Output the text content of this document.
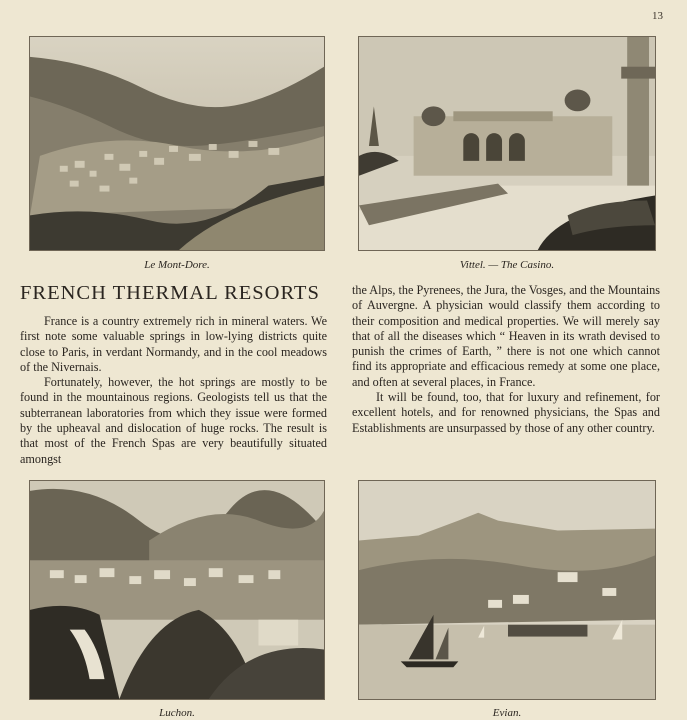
13
Le Mont-Dore.	Vittel. — The Casino.
FRENCH THERMAL RESORTS

France is a country extremely rich in mineral waters. We first note some valuable springs in low-lying districts quite close to Paris, in verdant Normandy, and in the cool meadows of the Nivernais.

Fortunately, however, the hot springs are mostly to be found in the mountainous regions. Geologists tell us that the subterranean laboratories from which they issue were formed by the upheaval and dislocation of huge rocks. The result is that most of the French Spas are very beautifully situated amongst

the Alps, the Pyrenees, the Jura, the Vosges, and the Mountains of Auvergne. A physician would classify them according to their composition and medical properties. We will merely say that of all the diseases which “ Heaven in its wrath devised to punish the crimes of Earth, ” there is not one which cannot find its appropriate and efficacious remedy at some one place, and often at several places, in France.

It will be found, too, that for luxury and refinement, for excellent hotels, and for renowned physicians, the Spas and Establishments are unsurpassed by those of any other country.

Luchon.	Evian.
